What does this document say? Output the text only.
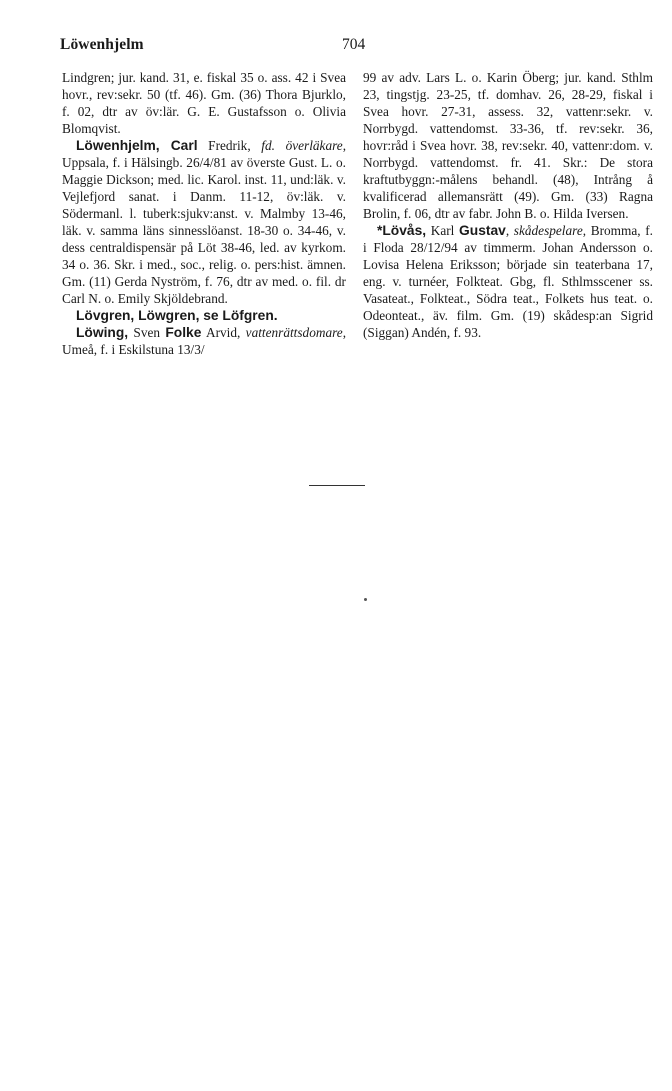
Löwenhjelm	704

Lindgren; jur. kand. 31, e. fiskal 35 o. ass. 42 i Svea hovr., rev:sekr. 50 (tf. 46). Gm. (36) Thora Bjurklo, f. 02, dtr av öv:lär. G. E. Gustafsson o. Olivia Blomqvist.

Löwenhjelm, Carl Fredrik, fd. överläkare, Uppsala, f. i Hälsingb. 26/4/81 av överste Gust. L. o. Maggie Dickson; med. lic. Karol. inst. 11, und:läk. v. Vejlefjord sanat. i Danm. 11-12, öv:läk. v. Södermanl. l. tuberk:sjukv:anst. v. Malmby 13-46, läk. v. samma läns sinnesslöanst. 18-30 o. 34-46, v. dess centraldispensär på Löt 38-46, led. av kyrkom. 34 o. 36. Skr. i med., soc., relig. o. pers:hist. ämnen. Gm. (11) Gerda Nyström, f. 76, dtr av med. o. fil. dr Carl N. o. Emily Skjöldebrand.

Lövgren, Löwgren, se Löfgren.

Löwing, Sven Folke Arvid, vattenrättsdomare, Umeå, f. i Eskilstuna 13/3/

99 av adv. Lars L. o. Karin Öberg; jur. kand. Sthlm 23, tingstjg. 23-25, tf. domhav. 26, 28-29, fiskal i Svea hovr. 27-31, assess. 32, vattenr:sekr. v. Norrbygd. vattendomst. 33-36, tf. rev:sekr. 36, hovr:råd i Svea hovr. 38, rev:sekr. 40, vattenr:dom. v. Norrbygd. vattendomst. fr. 41. Skr.: De stora kraftutbyggn:-målens behandl. (48), Intrång å kvalificerad allemansrätt (49). Gm. (33) Ragna Brolin, f. 06, dtr av fabr. John B. o. Hilda Iversen.

*Lövås, Karl Gustav, skådespelare, Bromma, f. i Floda 28/12/94 av timmerm. Johan Andersson o. Lovisa Helena Eriksson; började sin teaterbana 17, eng. v. turnéer, Folkteat. Gbg, fl. Sthlmsscener ss. Vasateat., Folkteat., Södra teat., Folkets hus teat. o. Odeonteat., äv. film. Gm. (19) skådesp:an Sigrid (Siggan) Andén, f. 93.
